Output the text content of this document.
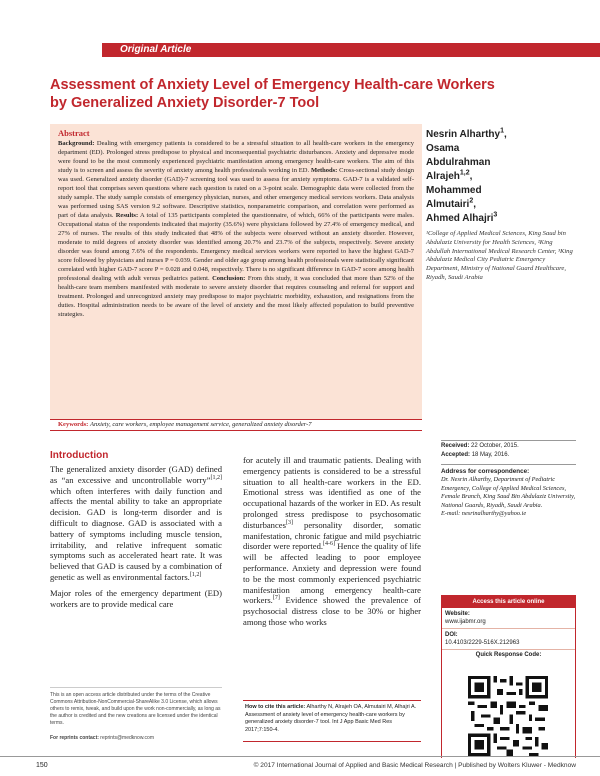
Original Article
Assessment of Anxiety Level of Emergency Health-care Workers by Generalized Anxiety Disorder-7 Tool
Abstract

Background: Dealing with emergency patients is considered to be a stressful situation to all health-care workers in the emergency department (ED). Prolonged stress predispose to physical and inconsequential psychiatric disturbances. Anxiety and depressive mode were found to be the most commonly experienced psychiatric manifestation among emergency health-care workers. The aim of this study is to screen and assess the severity of anxiety among health professionals working in ED. Methods: Cross-sectional study design was used. Generalized anxiety disorder (GAD)-7 screening tool was used to assess for anxiety symptoms. GAD-7 is a validated self-report tool that comprises seven questions where each question is rated on a 3-point scale. Demographic data were collected from the study sample. The study sample consists of emergency physician, nurses, and other emergency medical services workers. Data analysis was performed using SAS version 9.2 software. Descriptive statistics, nonparametric comparison, and correlation were performed as part of data analysis. Results: A total of 135 participants completed the questionnaire, of which, 66% of the participants were males. Occupational status of the respondents indicated that majority (35.6%) were physicians followed by 27.4% of emergency medical, and 27% of nurses. The results of this study indicated that 48% of the subjects were observed without an anxiety disorder. However, moderate to mild degrees of anxiety disorder was identified among 20.7% and 23.7% of the subjects, respectively. Severe anxiety disorder was found among 7.6% of the respondents. Emergency medical services workers were reported to have the highest GAD-7 score followed by physicians and nurses P = 0.039. Gender and older age group among health professionals were statistically significant correlated with higher GAD-7 score P = 0.028 and 0.048, respectively. There is no significant difference in GAD-7 score among health professional dealing with adult versus pediatrics patient. Conclusion: From this study, it was concluded that more than 52% of the health-care team members manifested with moderate to severe anxiety disorder that requires counseling and referral for support and treatment. Prolonged and unrecognized anxiety may predispose to major psychiatric morbidity, exhaustion, and resignations from the duties. Hospital administration needs to be aware of the level of anxiety and the most likely affected population to build preventive strategies.

Nesrin Alharthy$^1$,
Osama
Abdulrahman
Alrajeh$^{1,2}$,
Mohammed
Almutairi$^2$,
Ahmed Alhajri$^3$
¹College of Applied Medical Sciences, King Saud bin Abdulaziz University for Health Sciences, ²King Abdullah International Medical Research Center, ³King Abdulaziz Medical City Pediatric Emergency Department, Ministry of National Guard Healthcare, Riyadh, Saudi Arabia
Keywords: Anxiety, care workers, employee management service, generalized anxiety disorder-7
Introduction

The generalized anxiety disorder (GAD) defined as “an excessive and uncontrollable worry”[1,2] which often interferes with daily function and affects the mental ability to take an appropriate decision. GAD is long-term disorder and is difficult to diagnose. GAD is associated with a battery of symptoms including muscle tension, irritability, and relative infrequent somatic symptoms such as accelerated heart rate. It was believed that GAD is caused by a combination of genetic as well as environmental factors.[1,2]

Major roles of the emergency department (ED) workers are to provide medical care

for acutely ill and traumatic patients. Dealing with emergency patients is considered to be a stressful situation to all health-care workers in the ED. Emotional stress was identified as one of the occupational hazards of the worker in ED. As result prolonged stress predispose to psychosomatic disturbances[3] personality disorder, somatic manifestation, chronic fatigue and mild psychiatric disorder were reported.[4-6] Hence the quality of life will be affected leading to poor employee performance. Anxiety and depression were found to be the most commonly experienced psychiatric manifestation among emergency health-care workers.[7] Evidence showed the prevalence of psychosocial distress close to be 30% or higher among those who works

This is an open access article distributed under the terms of the Creative Commons Attribution-NonCommercial-ShareAlike 3.0 License, which allows others to remix, tweak, and build upon the work non-commercially, as long as the author is credited and the new creations are licensed under the identical terms.
For reprints contact: reprints@medknow.com
How to cite this article: Alharthy N, Alrajeh OA, Almutairi M, Alhajri A. Assessment of anxiety level of emergency health-care workers by generalized anxiety disorder-7 tool. Int J App Basic Med Res 2017;7:150-4.
Received: 22 October, 2015.
Accepted: 18 May, 2016.
Address for correspondence:
Dr. Nesrin Alharthy, Department of Pediatric Emergency, College of Applied Medical Sciences, Female Branch, King Saud Bin Abdulaziz University, National Guards, Riyadh, Saudi Arabia.
E-mail: nesrinalharthy@yahoo.ie
Access this article online
Website:
www.ijabmr.org
DOI:
10.4103/2229-516X.212963
Quick Response Code:
150	© 2017 International Journal of Applied and Basic Medical Research | Published by Wolters Kluwer - Medknow
